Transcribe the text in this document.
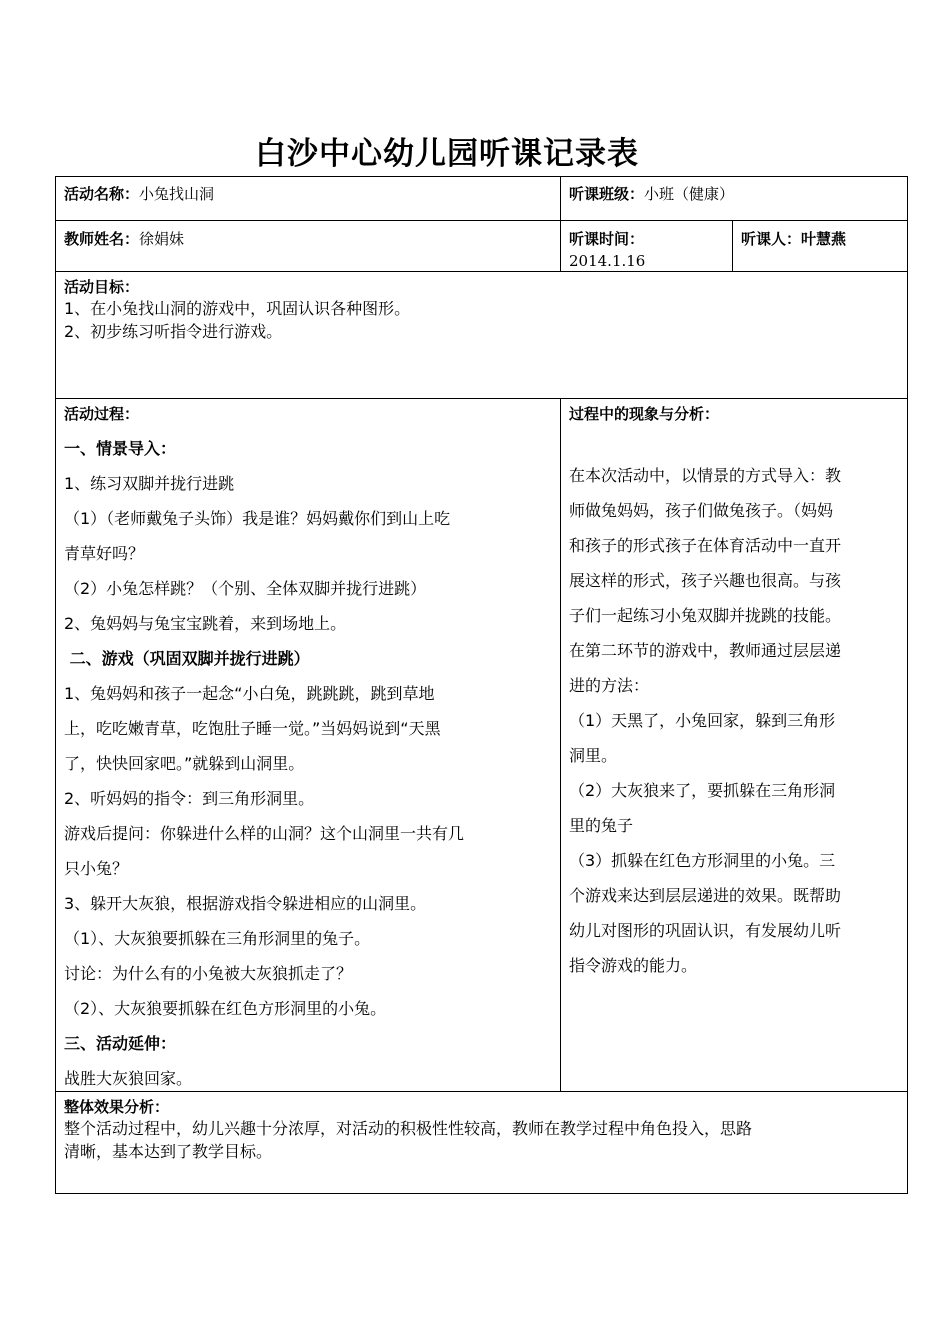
白沙中心幼儿园听课记录表
活动名称：小兔找山洞	听课班级：小班（健康）
教师姓名：徐娟妹	听课时间：
2014.1.16
听课人：叶慧燕
活动目标：
1、在小兔找山洞的游戏中，巩固认识各种图形。
2、初步练习听指令进行游戏。
活动过程：
一、情景导入：
1、练习双脚并拢行进跳
（1）（老师戴兔子头饰）我是谁？妈妈戴你们到山上吃
青草好吗？
（2）小兔怎样跳？（个别、全体双脚并拢行进跳）
2、兔妈妈与兔宝宝跳着，来到场地上。
二、游戏（巩固双脚并拢行进跳）
1、兔妈妈和孩子一起念“小白兔，跳跳跳，跳到草地
上，吃吃嫩青草，吃饱肚子睡一觉。”当妈妈说到“天黑
了，快快回家吧。”就躲到山洞里。
2、听妈妈的指令：到三角形洞里。
游戏后提问：你躲进什么样的山洞？这个山洞里一共有几
只小兔？
3、躲开大灰狼，根据游戏指令躲进相应的山洞里。
（1）、大灰狼要抓躲在三角形洞里的兔子。
讨论：为什么有的小兔被大灰狼抓走了？
（2）、大灰狼要抓躲在红色方形洞里的小兔。
三、活动延伸：
战胜大灰狼回家。
过程中的现象与分析：
在本次活动中，以情景的方式导入：教
师做兔妈妈，孩子们做兔孩子。（妈妈
和孩子的形式孩子在体育活动中一直开
展这样的形式，孩子兴趣也很高。与孩
子们一起练习小兔双脚并拢跳的技能。
在第二环节的游戏中，教师通过层层递
进的方法：
（1）天黑了，小兔回家，躲到三角形
洞里。
（2）大灰狼来了，要抓躲在三角形洞
里的兔子
（3）抓躲在红色方形洞里的小兔。三
个游戏来达到层层递进的效果。既帮助
幼儿对图形的巩固认识，有发展幼儿听
指令游戏的能力。
整体效果分析：
整个活动过程中，幼儿兴趣十分浓厚，对活动的积极性性较高，教师在教学过程中角色投入，思路
清晰，基本达到了教学目标。
